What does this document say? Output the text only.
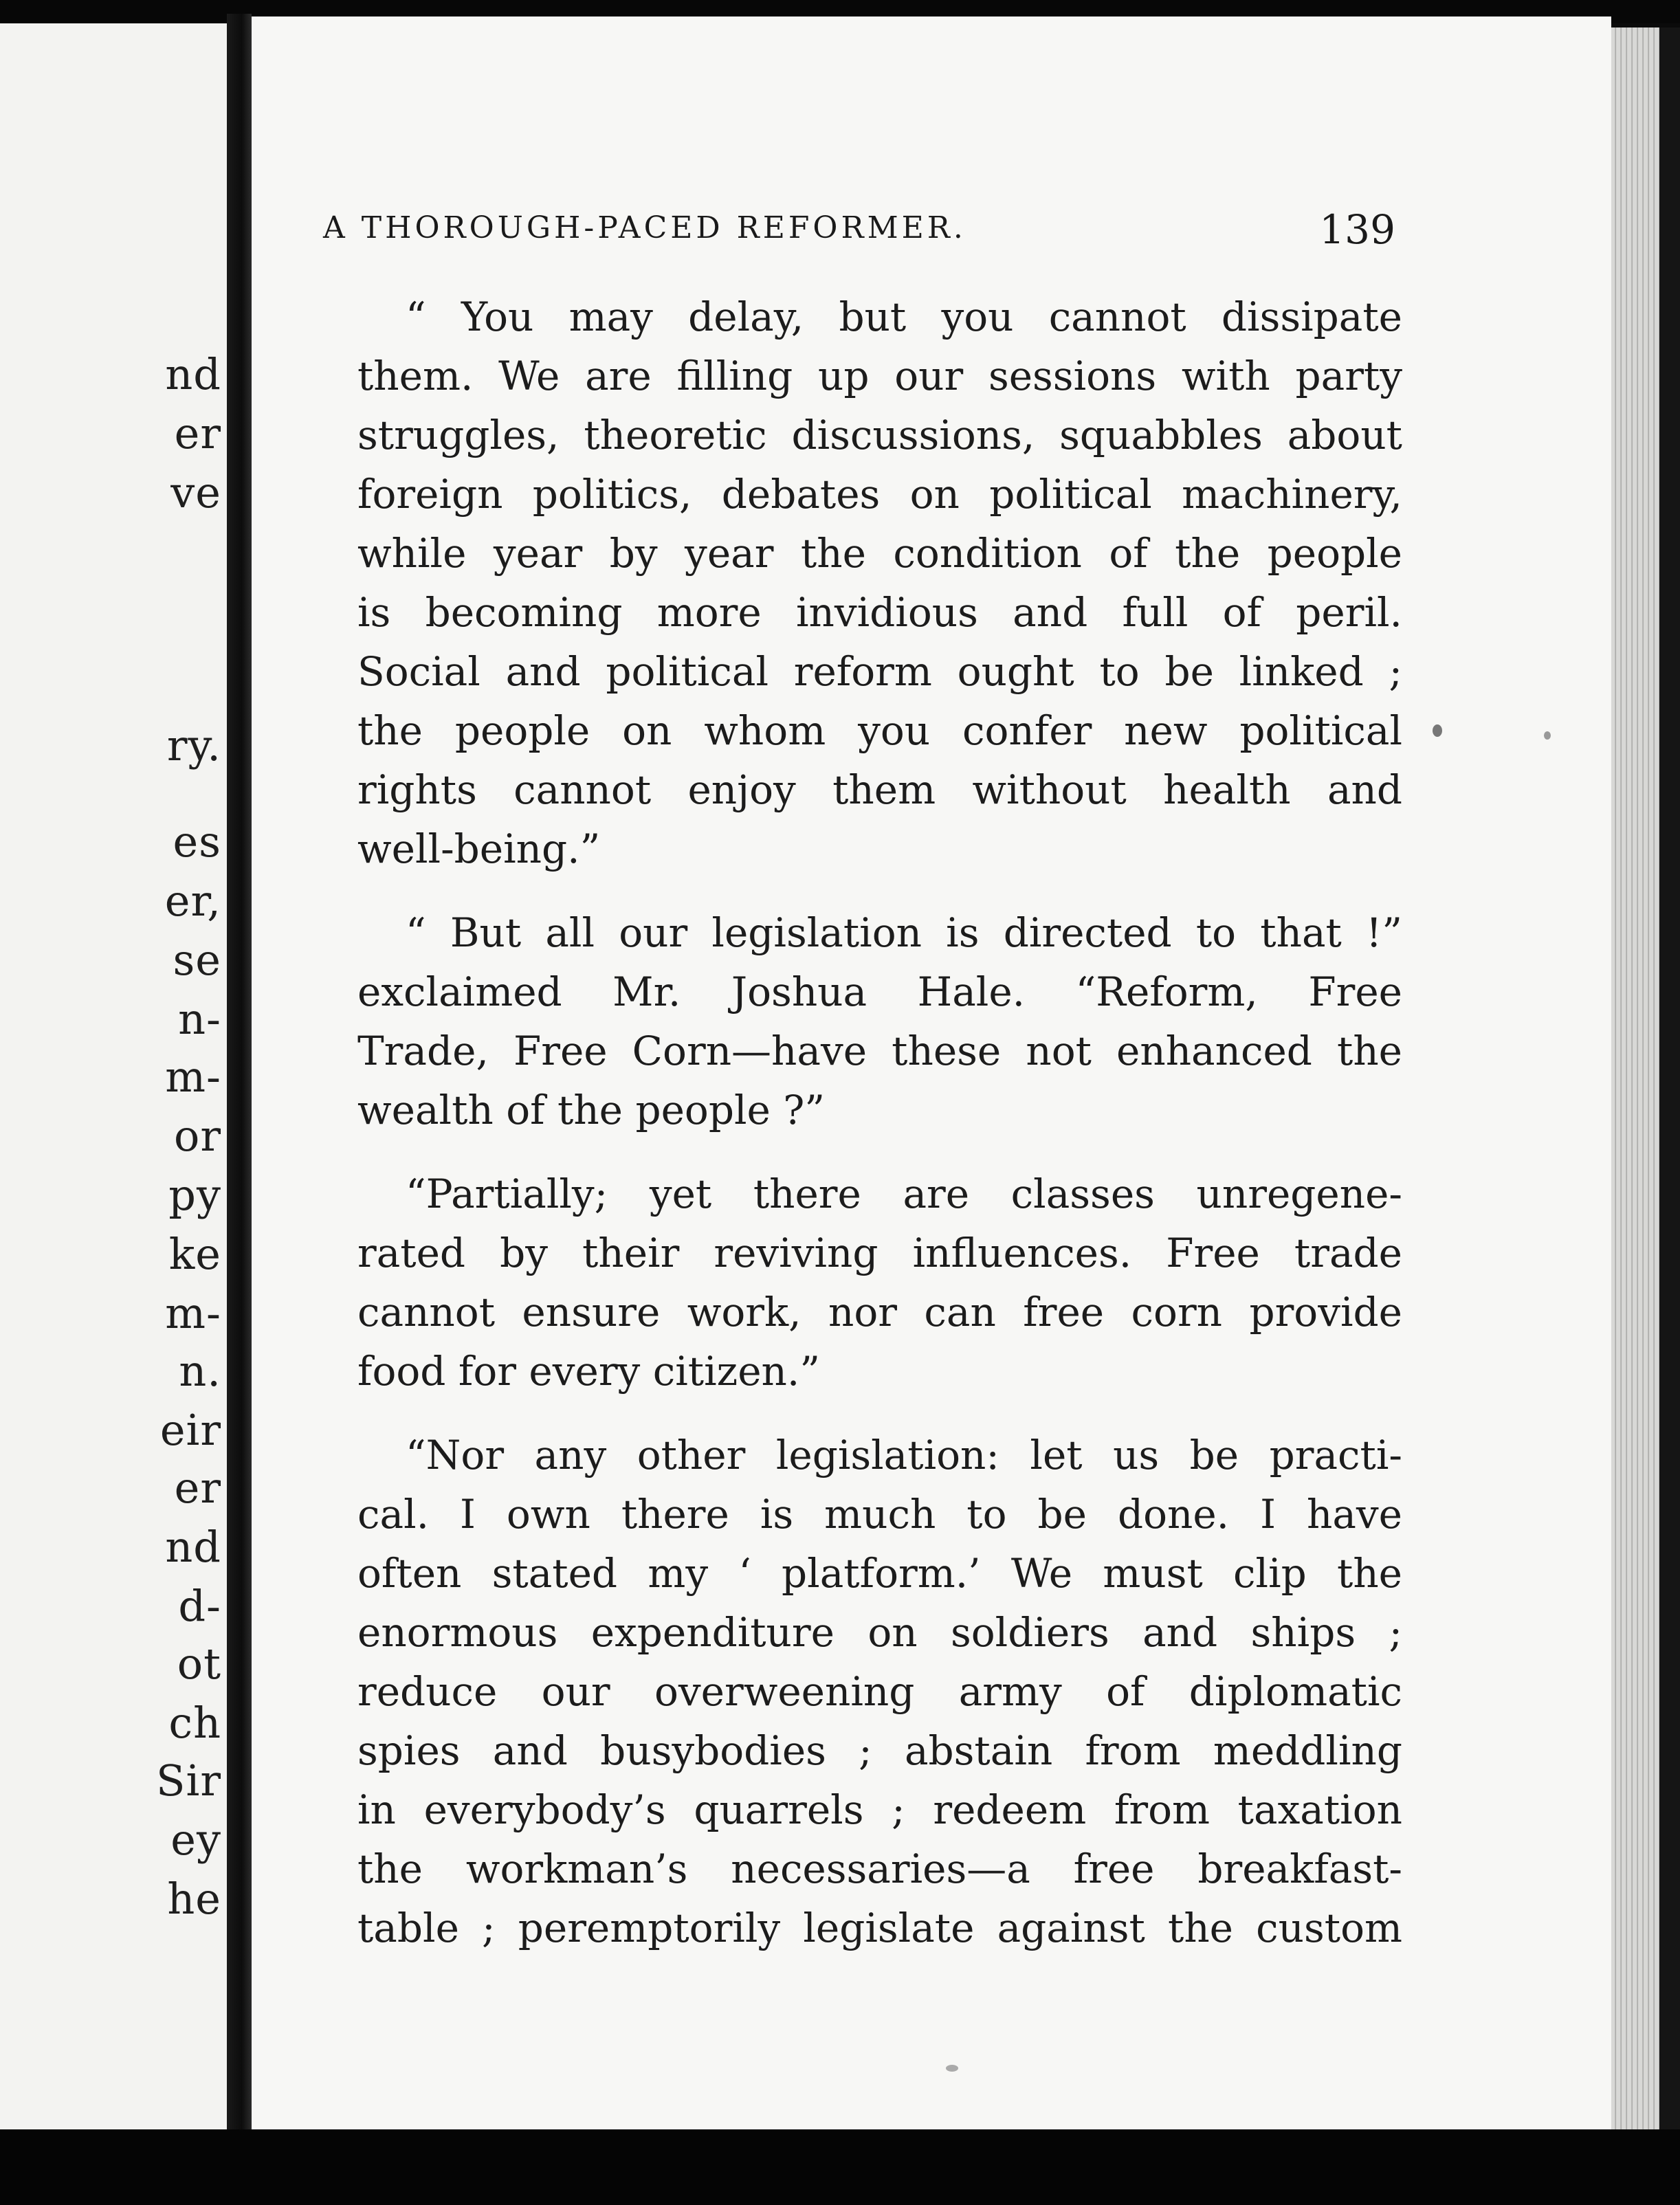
nd
er
ve
ry.
es
er,
se
n-
m-
or
py
ke
m-
n.
eir
er
nd
d-
ot
ch
Sir
ey
he
A THOROUGH-PACED REFORMER.	139
“ You may delay, but you cannot dissipate
them. We are filling up our sessions with party
struggles, theoretic discussions, squabbles about
foreign politics, debates on political machinery,
while year by year the condition of the people
is becoming more invidious and full of peril.
Social and political reform ought to be linked ;
the people on whom you confer new political
rights cannot enjoy them without health and
well-being.”
“ But all our legislation is directed to that !”
exclaimed Mr. Joshua Hale. “Reform, Free
Trade, Free Corn—have these not enhanced the
wealth of the people ?”
“Partially; yet there are classes unregene-
rated by their reviving influences. Free trade
cannot ensure work, nor can free corn provide
food for every citizen.”
“Nor any other legislation: let us be practi-
cal. I own there is much to be done. I have
often stated my ‘ platform.’ We must clip the
enormous expenditure on soldiers and ships ;
reduce our overweening army of diplomatic
spies and busybodies ; abstain from meddling
in everybody’s quarrels ; redeem from taxation
the workman’s necessaries—a free breakfast-
table ; peremptorily legislate against the custom
